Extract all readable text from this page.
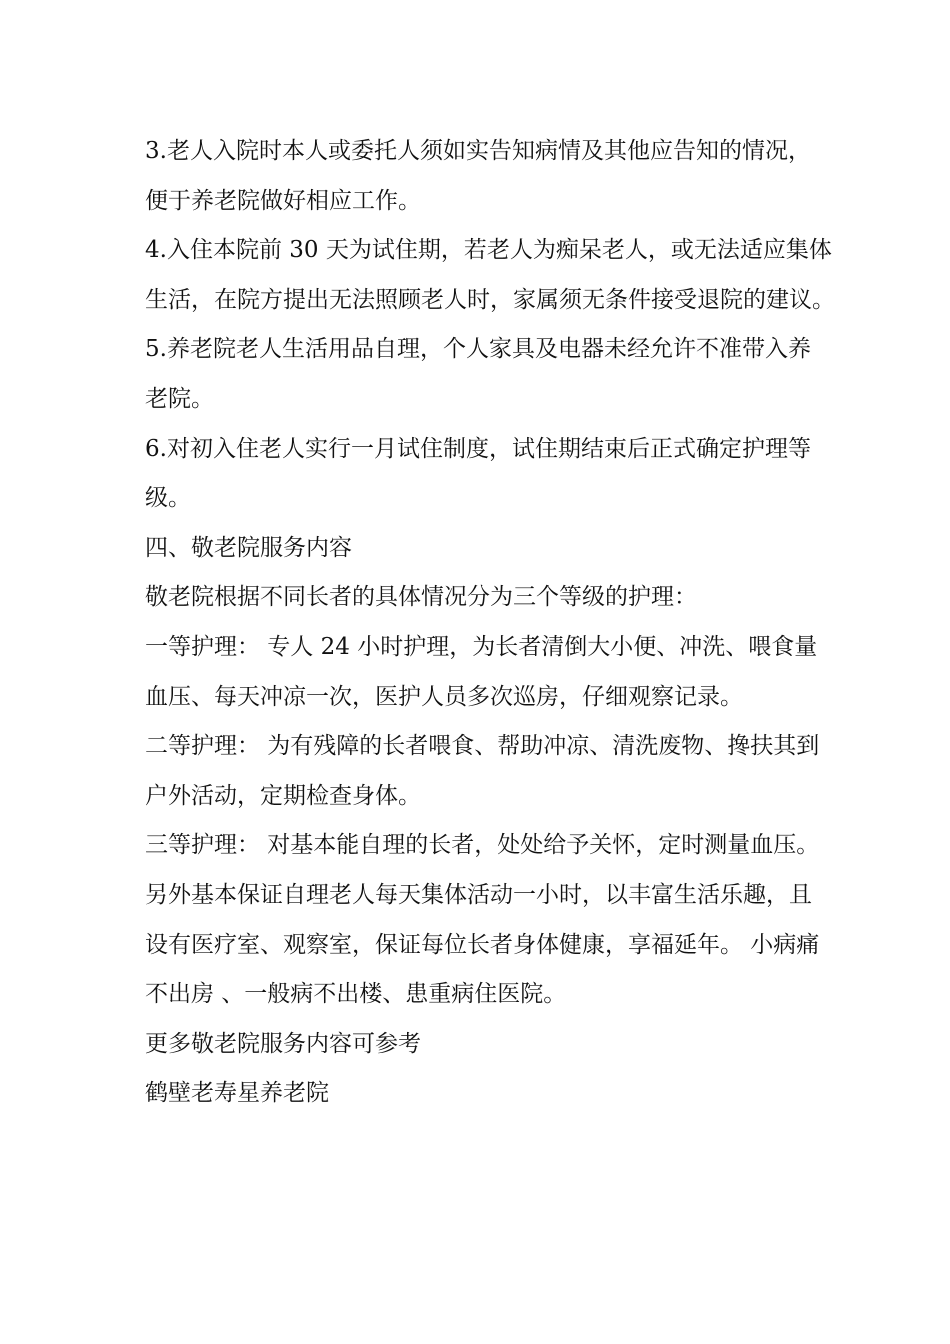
3.老人入院时本人或委托人须如实告知病情及其他应告知的情况，
便于养老院做好相应工作。
4.入住本院前 30 天为试住期，若老人为痴呆老人，或无法适应集体
生活，在院方提出无法照顾老人时，家属须无条件接受退院的建议。
5.养老院老人生活用品自理，个人家具及电器未经允许不准带入养
老院。
6.对初入住老人实行一月试住制度，试住期结束后正式确定护理等
级。
四、敬老院服务内容
敬老院根据不同长者的具体情况分为三个等级的护理：
一等护理： 专人 24 小时护理，为长者清倒大小便、冲洗、喂食量
血压、每天冲凉一次，医护人员多次巡房，仔细观察记录。
二等护理： 为有残障的长者喂食、帮助冲凉、清洗废物、搀扶其到
户外活动，定期检查身体。
三等护理： 对基本能自理的长者，处处给予关怀，定时测量血压。
另外基本保证自理老人每天集体活动一小时，以丰富生活乐趣，且
设有医疗室、观察室，保证每位长者身体健康，享福延年。 小病痛
不出房 、一般病不出楼、患重病住医院。
更多敬老院服务内容可参考
鹤壁老寿星养老院
